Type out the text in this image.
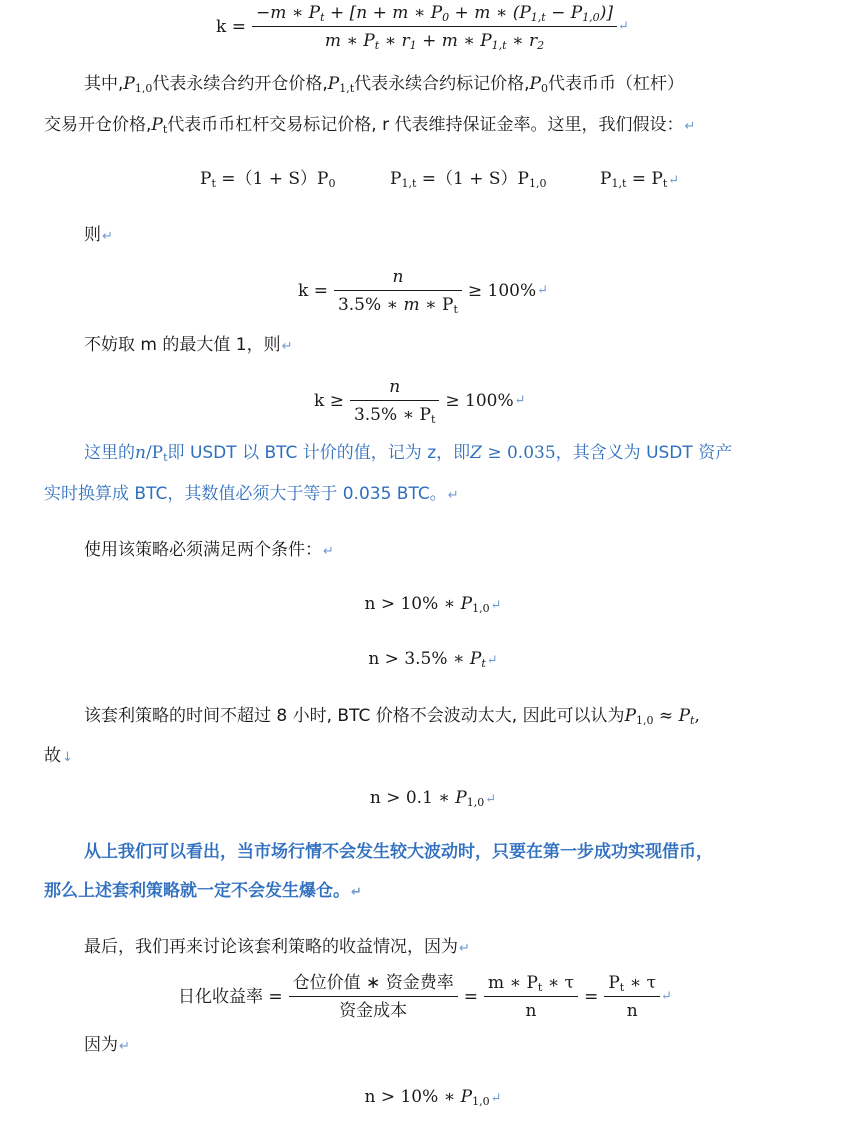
$k = \frac{-m ∗ P_t + [n + m ∗ P_0 + m ∗ (P_{1,t} - P_{1,0})]}{m ∗ P_t ∗ r_1 + m ∗ P_{1,t} ∗ r_2}$ ↵
其中$,P_{1,0}$代表永续合约开仓价格$,P_{1,t}$代表永续合约标记价格$,P_0$代表币币（杠杆）
交易开仓价格$,P_t$代表币币杠杆交易标记价格, r 代表维持保证金率。这里，我们假设：↵
$P_t =(1 + S)P_0$	$P_{1,t} =(1 + S)P_{1,0}$	$P_{1,t}$ = $P_t↵$
则↵
$k = \frac{n}{3.5\% ∗ m ∗ P_t} \ge 100\%$ ↵
不妨取 m 的最大值 1，则↵
$k \ge \frac{n}{3.5\% ∗ P_t} \ge 100\%$ ↵
这里的$n/P_t$即 USDT 以 BTC 计价的值，记为 z，即Z ≥ 0.035，其含义为 USDT 资产
实时换算成 BTC，其数值必须大于等于 0.035 BTC。↵
使用该策略必须满足两个条件：↵
n > 10% ∗ $P_{1,0}↵$
n > 3.5% ∗ $P_t↵$
该套利策略的时间不超过 8 小时, BTC 价格不会波动太大, 因此可以认为$P_{1,0} \approx P_t$,
故↓
n > 0.1 ∗ $P_{1,0}↵$
从上我们可以看出，当市场行情不会发生较大波动时，只要在第一步成功实现借币，
那么上述套利策略就一定不会发生爆仓。↵
最后，我们再来讨论该套利策略的收益情况，因为↵
日化收益率 = $\frac{\text{仓位价值 ∗ 资金费率}}{\text{资金成本}} = \frac{m ∗ P_t ∗ \tau}{n} = \frac{P_t ∗ \tau}{n}$ ↵
因为↵
n > 10% ∗ $P_{1,0}↵$
